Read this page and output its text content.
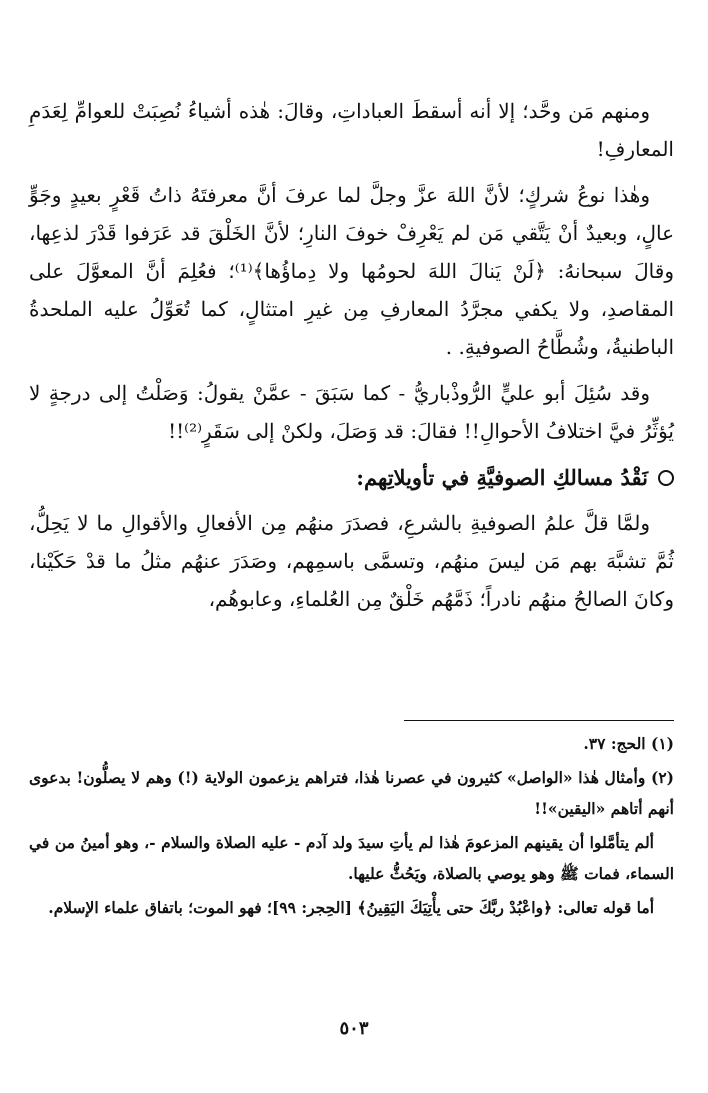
ومنهم مَن وحَّد؛ إلا أنه أسقطَ العباداتِ، وقالَ: هٰذه أشياءُ نُصِبَتْ للعوامِّ لِعَدَمِ المعارفِ!

وهٰذا نوعُ شركٍ؛ لأنَّ اللهَ عزَّ وجلَّ لما عرفَ أنَّ معرفتَهُ ذاتُ قَعْرٍ بعيدٍ وجَوٍّ عالٍ، وبعيدٌ أنْ يَتَّقي مَن لم يَعْرِفْ خوفَ النارِ؛ لأنَّ الخَلْقَ قد عَرَفوا قَدْرَ لذعِها، وقالَ سبحانهُ: ﴿لَنْ يَنالَ اللهَ لحومُها ولا دِماؤُها﴾⁽¹⁾؛ فعُلِمَ أنَّ المعوَّلَ على المقاصدِ، ولا يكفي مجرَّدُ المعارفِ مِن غيرِ امتثالٍ، كما تُعَوِّلُ عليه الملحدةُ الباطنيةُ، وشُطَّاحُ الصوفيةِ. .

وقد سُئِلَ أبو عليٍّ الرُّوذْباريُّ - كما سَبَقَ - عمَّنْ يقولُ: وَصَلْتُ إلى درجةٍ لا يُؤثِّرُ فيَّ اختلافُ الأحوالِ!! فقالَ: قد وَصَلَ، ولكنْ إلى سَقَرٍ⁽²⁾!!

نَقْدُ مسالكِ الصوفيَّةِ في تأويلاتِهم:

ولمَّا قلَّ علمُ الصوفيةِ بالشرعِ، فصدَرَ منهُم مِن الأفعالِ والأقوالِ ما لا يَحِلُّ، ثُمَّ تشبَّهَ بهم مَن ليسَ منهُم، وتسمَّى باسمِهم، وصَدَرَ عنهُم مثلُ ما قدْ حَكَيْنا، وكانَ الصالحُ منهُم نادراً؛ ذَمَّهُم خَلْقٌ مِن العُلماءِ، وعابوهُم،

(١) الحج: ٣٧.

(٢) وأمثال هٰذا «الواصل» كثيرون في عصرنا هٰذا، فتراهم يزعمون الولاية (!) وهم لا يصلُّون! بدعوى أنهم أتاهم «اليقين»!!

ألم يتأمَّلوا أن يقينهم المزعومَ هٰذا لم يأتِ سيدَ ولد آدم - عليه الصلاة والسلام -، وهو أمينُ من في السماء، فمات ﷺ وهو يوصي بالصلاة، ويَحُثُّ عليها.

أما قوله تعالى: ﴿واعْبُدْ ربَّكَ حتى يأْتِيَكَ اليَقِينُ﴾ [الحِجر: ٩٩]؛ فهو الموت؛ باتفاق علماء الإسلام.

٥٠٣
